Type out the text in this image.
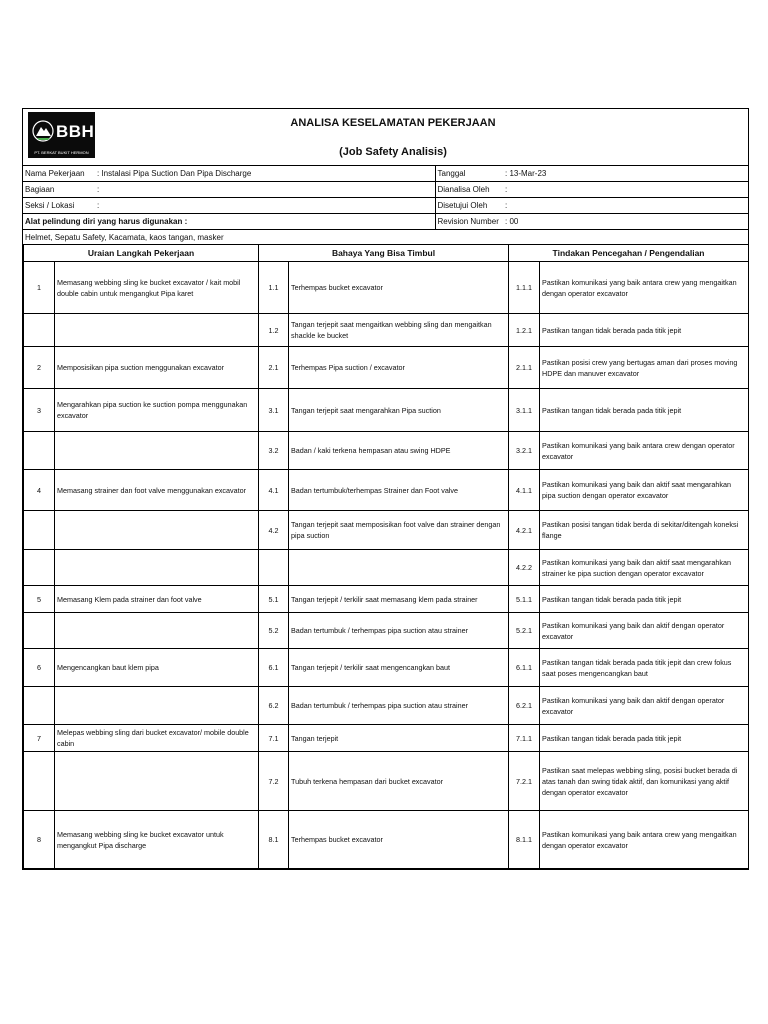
BBH
PT. BERKAT BUKIT HERMON
ANALISA KESELAMATAN PEKERJAAN
(Job Safety Analisis)
Nama Pekerjaan	: Instalasi Pipa Suction Dan Pipa Discharge	Tanggal	: 13-Mar-23
Bagiaan	:	Dianalisa Oleh	:
Seksi / Lokasi	:	Disetujui Oleh	:
Alat pelindung diri yang harus digunakan :		Revision Number	: 00
Helmet, Sepatu Safety, Kacamata, kaos tangan, masker			
Uraian Langkah Pekerjaan		Bahaya Yang Bisa Timbul		Tindakan Pencegahan / Pengendalian	
1	Memasang webbing sling ke bucket excavator / kait mobil double cabin untuk mengangkut Pipa karet	1.1	Terhempas bucket excavator	1.1.1	Pastikan komunikasi yang baik antara crew yang mengaitkan dengan operator excavator
		1.2	Tangan terjepit saat mengaitkan webbing sling dan mengaitkan shackle ke bucket	1.2.1	Pastikan tangan tidak berada pada titik jepit
2	Memposisikan pipa suction menggunakan excavator	2.1	Terhempas Pipa suction / excavator	2.1.1	Pastikan posisi crew yang bertugas aman dari proses moving HDPE dan manuver excavator
3	Mengarahkan pipa suction ke suction pompa menggunakan excavator	3.1	Tangan terjepit saat mengarahkan Pipa suction	3.1.1	Pastikan tangan tidak berada pada titik jepit
		3.2	Badan / kaki terkena hempasan atau swing HDPE	3.2.1	Pastikan komunikasi yang baik antara crew dengan operator excavator
4	Memasang strainer dan foot valve menggunakan excavator	4.1	Badan tertumbuk/terhempas Strainer dan Foot valve	4.1.1	Pastikan komunikasi yang baik dan aktif saat mengarahkan pipa suction dengan operator excavator
		4.2	Tangan terjepit saat memposisikan foot valve dan strainer dengan pipa suction	4.2.1	Pastikan posisi tangan tidak berda di sekitar/ditengah koneksi flange
				4.2.2	Pastikan komunikasi yang baik dan aktif saat mengarahkan strainer ke pipa suction dengan operator excavator
5	Memasang Klem pada strainer dan foot valve	5.1	Tangan terjepit / terkilir saat memasang klem pada strainer	5.1.1	Pastikan tangan tidak berada pada titik jepit
		5.2	Badan tertumbuk / terhempas pipa suction atau strainer	5.2.1	Pastikan komunikasi yang baik dan aktif dengan operator excavator
6	Mengencangkan baut klem pipa	6.1	Tangan terjepit / terkilir saat mengencangkan baut	6.1.1	Pastikan tangan tidak berada pada titik jepit dan crew fokus saat poses mengencangkan baut
		6.2	Badan tertumbuk / terhempas pipa suction atau strainer	6.2.1	Pastikan komunikasi yang baik dan aktif dengan operator excavator
7	Melepas webbing sling dari bucket excavator/ mobile double cabin	7.1	Tangan terjepit	7.1.1	Pastikan tangan tidak berada pada titik jepit
		7.2	Tubuh terkena hempasan dari bucket excavator	7.2.1	Pastikan saat melepas webbing sling, posisi bucket berada di atas tanah dan swing tidak aktif, dan komunikasi yang aktif dengan operator excavator
8	Memasang webbing sling ke bucket excavator untuk mengangkut Pipa discharge	8.1	Terhempas bucket excavator	8.1.1	Pastikan komunikasi yang baik antara crew yang mengaitkan dengan operator excavator
